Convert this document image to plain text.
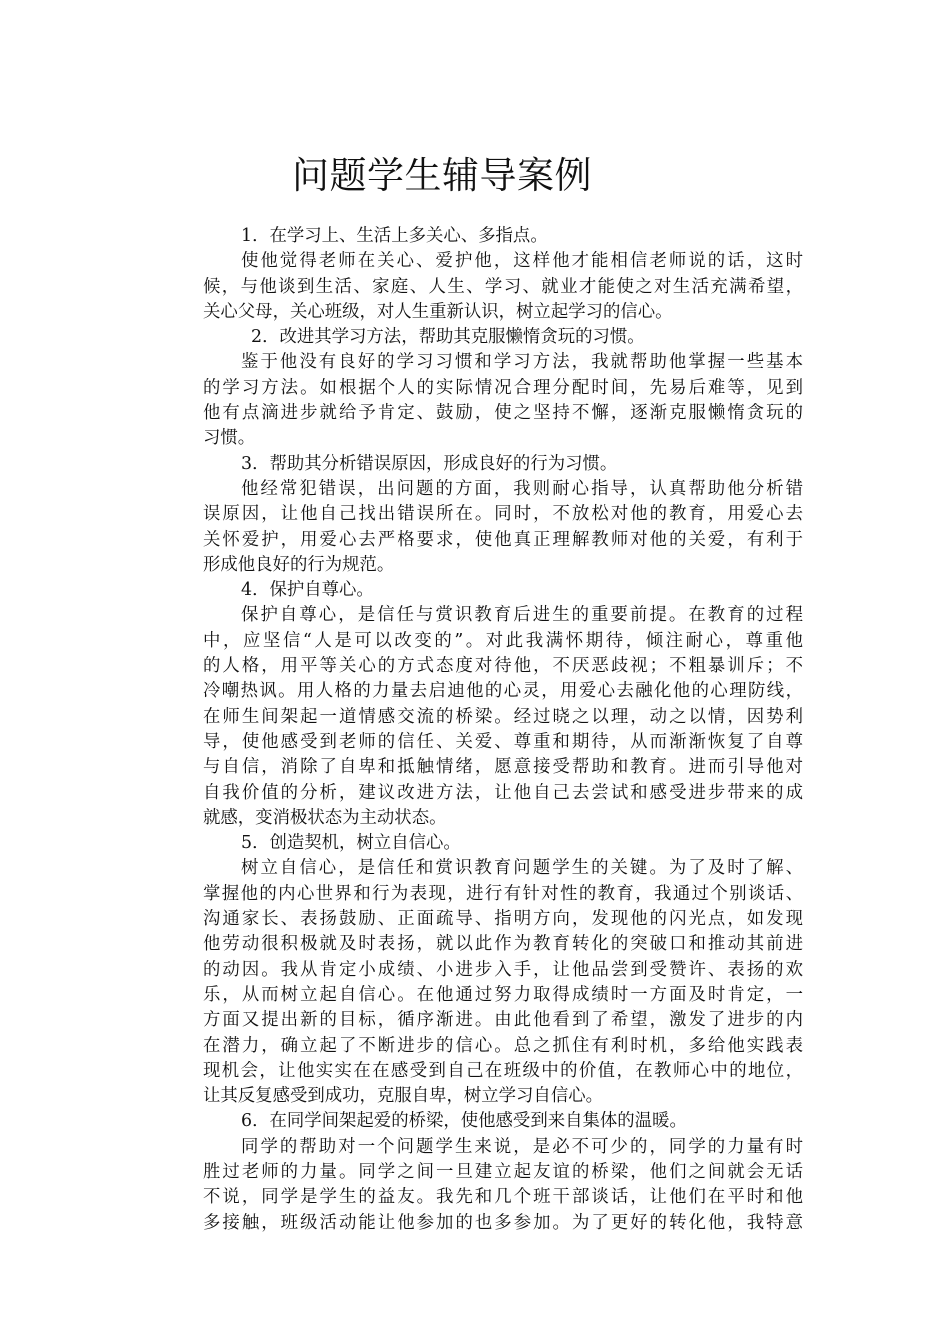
问题学生辅导案例
1．在学习上、生活上多关心、多指点。
使他觉得老师在关心、爱护他，这样他才能相信老师说的话，这时
候，与他谈到生活、家庭、人生、学习、就业才能使之对生活充满希望，
关心父母，关心班级，对人生重新认识，树立起学习的信心。
2．改进其学习方法，帮助其克服懒惰贪玩的习惯。
鉴于他没有良好的学习习惯和学习方法，我就帮助他掌握一些基本
的学习方法。如根据个人的实际情况合理分配时间，先易后难等，见到
他有点滴进步就给予肯定、鼓励，使之坚持不懈，逐渐克服懒惰贪玩的
习惯。
3．帮助其分析错误原因，形成良好的行为习惯。
他经常犯错误，出问题的方面，我则耐心指导，认真帮助他分析错
误原因，让他自己找出错误所在。同时，不放松对他的教育，用爱心去
关怀爱护，用爱心去严格要求，使他真正理解教师对他的关爱，有利于
形成他良好的行为规范。
4．保护自尊心。
保护自尊心，是信任与赏识教育后进生的重要前提。在教育的过程
中，应坚信“人是可以改变的”。对此我满怀期待，倾注耐心，尊重他
的人格，用平等关心的方式态度对待他，不厌恶歧视；不粗暴训斥；不
冷嘲热讽。用人格的力量去启迪他的心灵，用爱心去融化他的心理防线，
在师生间架起一道情感交流的桥梁。经过晓之以理，动之以情，因势利
导，使他感受到老师的信任、关爱、尊重和期待，从而渐渐恢复了自尊
与自信，消除了自卑和抵触情绪，愿意接受帮助和教育。进而引导他对
自我价值的分析，建议改进方法，让他自己去尝试和感受进步带来的成
就感，变消极状态为主动状态。
5．创造契机，树立自信心。
树立自信心，是信任和赏识教育问题学生的关键。为了及时了解、
掌握他的内心世界和行为表现，进行有针对性的教育，我通过个别谈话、
沟通家长、表扬鼓励、正面疏导、指明方向，发现他的闪光点，如发现
他劳动很积极就及时表扬，就以此作为教育转化的突破口和推动其前进
的动因。我从肯定小成绩、小进步入手，让他品尝到受赞许、表扬的欢
乐，从而树立起自信心。在他通过努力取得成绩时一方面及时肯定，一
方面又提出新的目标，循序渐进。由此他看到了希望，激发了进步的内
在潜力，确立起了不断进步的信心。总之抓住有利时机，多给他实践表
现机会，让他实实在在感受到自己在班级中的价值，在教师心中的地位，
让其反复感受到成功，克服自卑，树立学习自信心。
6．在同学间架起爱的桥梁，使他感受到来自集体的温暖。
同学的帮助对一个问题学生来说，是必不可少的，同学的力量有时
胜过老师的力量。同学之间一旦建立起友谊的桥梁，他们之间就会无话
不说，同学是学生的益友。我先和几个班干部谈话，让他们在平时和他
多接触，班级活动能让他参加的也多参加。为了更好的转化他，我特意
